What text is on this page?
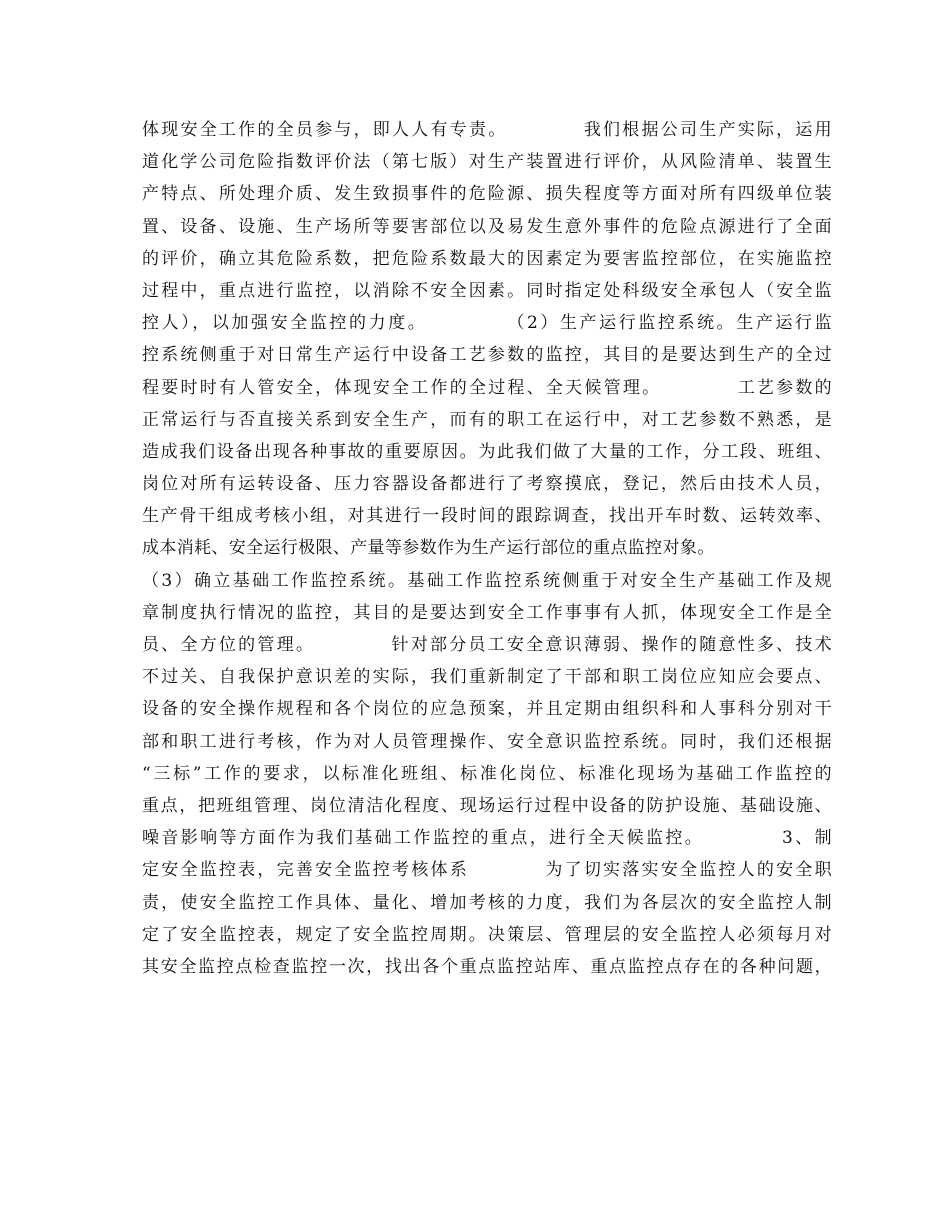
体现安全工作的全员参与，即人人有专责。          我们根据公司生产实际，运用
道化学公司危险指数评价法（第七版）对生产装置进行评价，从风险清单、装置生
产特点、所处理介质、发生致损事件的危险源、损失程度等方面对所有四级单位装
置、设备、设施、生产场所等要害部位以及易发生意外事件的危险点源进行了全面
的评价，确立其危险系数，把危险系数最大的因素定为要害监控部位，在实施监控
过程中，重点进行监控，以消除不安全因素。同时指定处科级安全承包人（安全监
控人），以加强安全监控的力度。          （2）生产运行监控系统。生产运行监
控系统侧重于对日常生产运行中设备工艺参数的监控，其目的是要达到生产的全过
程要时时有人管安全，体现安全工作的全过程、全天候管理。          工艺参数的
正常运行与否直接关系到安全生产，而有的职工在运行中，对工艺参数不熟悉，是
造成我们设备出现各种事故的重要原因。为此我们做了大量的工作，分工段、班组、
岗位对所有运转设备、压力容器设备都进行了考察摸底，登记，然后由技术人员，
生产骨干组成考核小组，对其进行一段时间的跟踪调查，找出开车时数、运转效率、
成本消耗、安全运行极限、产量等参数作为生产运行部位的重点监控对象。
（3）确立基础工作监控系统。基础工作监控系统侧重于对安全生产基础工作及规
章制度执行情况的监控，其目的是要达到安全工作事事有人抓，体现安全工作是全
员、全方位的管理。          针对部分员工安全意识薄弱、操作的随意性多、技术
不过关、自我保护意识差的实际，我们重新制定了干部和职工岗位应知应会要点、
设备的安全操作规程和各个岗位的应急预案，并且定期由组织科和人事科分别对干
部和职工进行考核，作为对人员管理操作、安全意识监控系统。同时，我们还根据
“三标”工作的要求，以标准化班组、标准化岗位、标准化现场为基础工作监控的
重点，把班组管理、岗位清洁化程度、现场运行过程中设备的防护设施、基础设施、
噪音影响等方面作为我们基础工作监控的重点，进行全天候监控。          3、制
定安全监控表，完善安全监控考核体系          为了切实落实安全监控人的安全职
责，使安全监控工作具体、量化、增加考核的力度，我们为各层次的安全监控人制
定了安全监控表，规定了安全监控周期。决策层、管理层的安全监控人必须每月对
其安全监控点检查监控一次，找出各个重点监控站库、重点监控点存在的各种问题，
